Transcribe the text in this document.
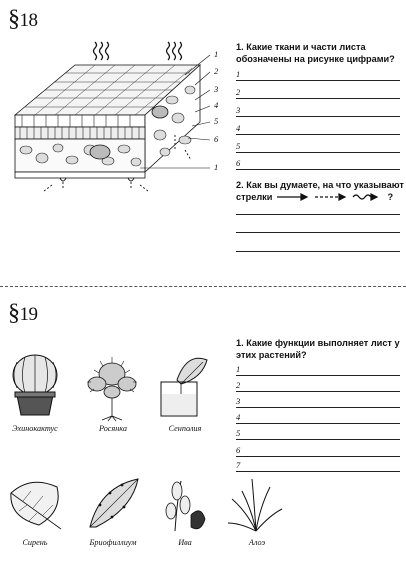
§18
1
2
3
4
5
6
1
1. Какие ткани и части листа обозначены на рисунке цифрами?
1
2
3
4
5
6
2. Как вы думаете, на что указывают стрелки	?
§19
Эхинокактус	Росянка	Сенполия
Сирень	Бриофиллиум	Ива	Алоэ
1. Какие функции выполняет лист у этих растений?
1
2
3
4
5
6
7
